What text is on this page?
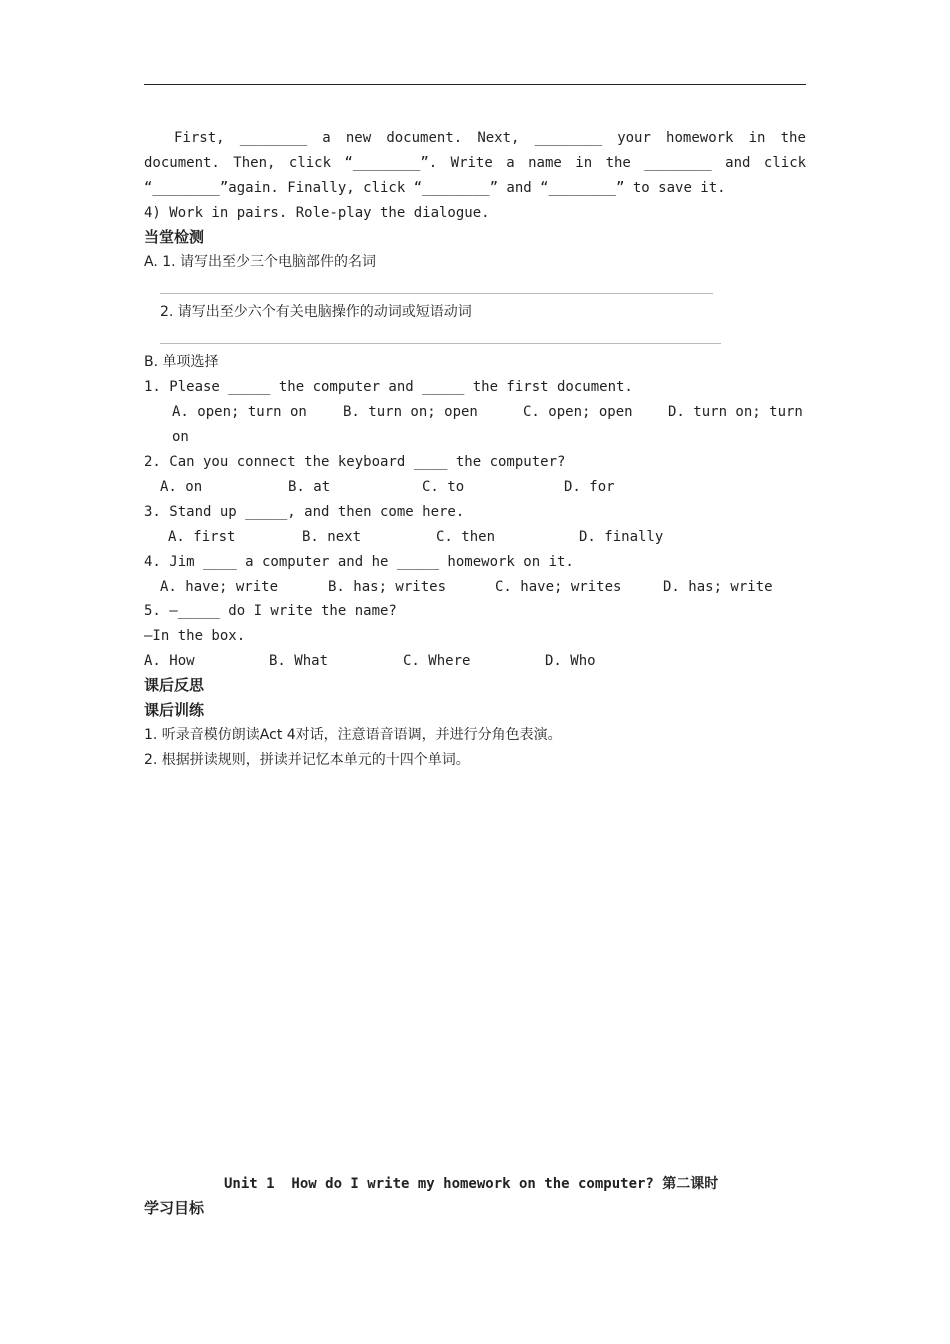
First, ________ a new document. Next, ________ your homework in the
document. Then, click “________”. Write a name in the ________ and click
“________”again. Finally, click “________” and “________” to save it.
4) Work in pairs. Role-play the dialogue.
当堂检测
A. 1. 请写出至少三个电脑部件的名词
2. 请写出至少六个有关电脑操作的动词或短语动词
B. 单项选择
1. Please _____ the computer and _____ the first document.
A. open; turn on	B. turn on; open	C. open; open	D. turn on; turn
on
2. Can you connect the keyboard ____ the computer?
A. on	B. at	C. to	D. for
3. Stand up _____, and then come here.
A. first	B. next	C. then	D. finally
4. Jim ____ a computer and he _____ homework on it.
A. have; write	B. has; writes	C. have; writes	D. has; write
5. —_____ do I write the name?
—In the box.
A. How	B. What	C. Where	D. Who
课后反思
课后训练
1. 听录音模仿朗读Act 4对话，注意语音语调，并进行分角色表演。
2. 根据拼读规则，拼读并记忆本单元的十四个单词。
Unit 1  How do I write my homework on the computer? 第二课时
学习目标
